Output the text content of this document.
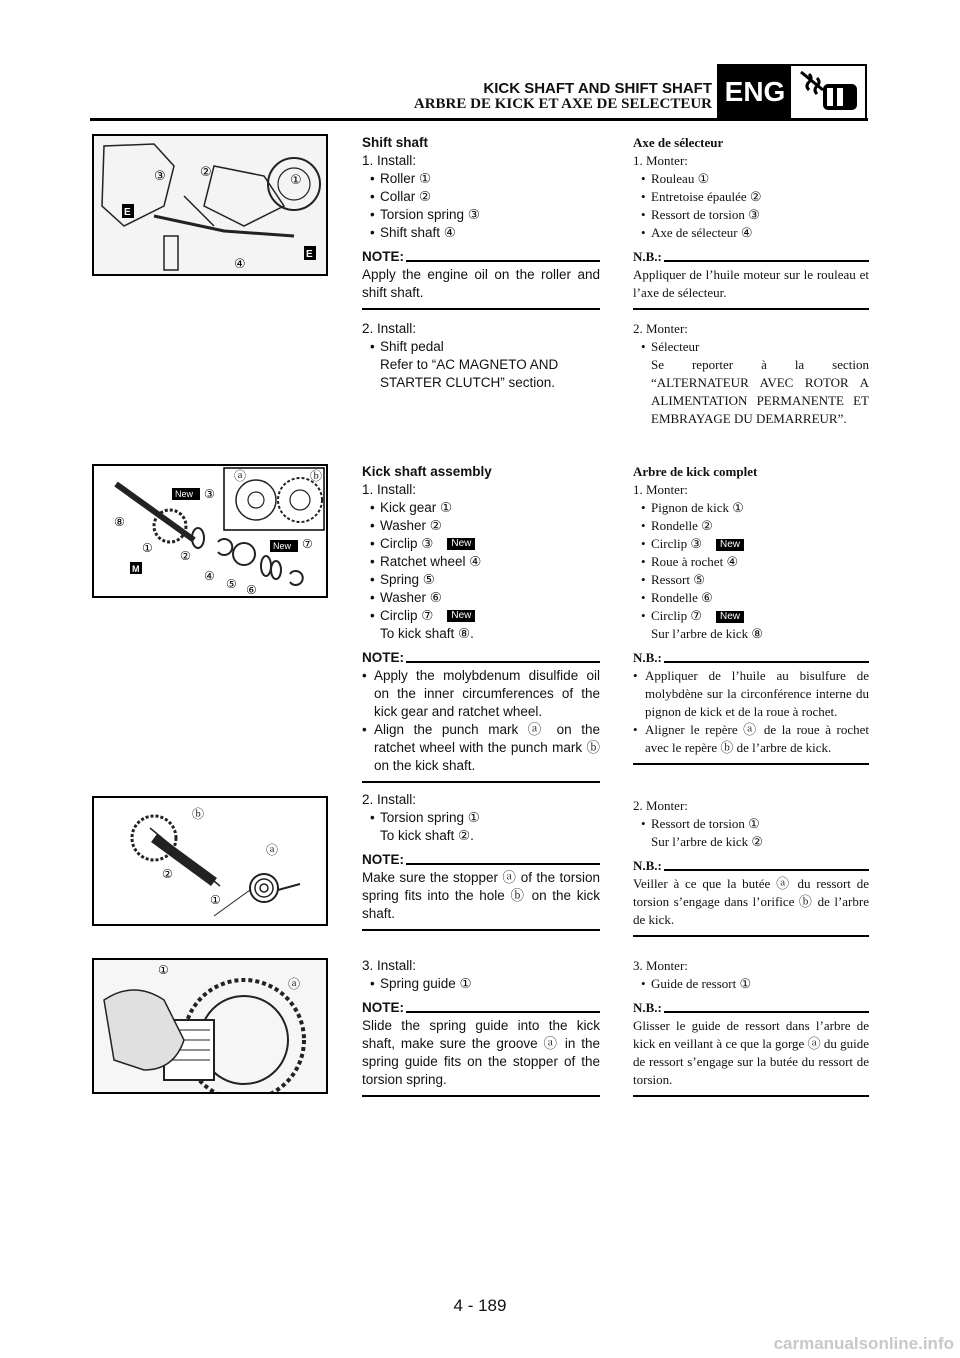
KICK SHAFT AND SHIFT SHAFT
ARBRE DE KICK ET AXE DE SELECTEUR ENG
③	②
①
④
E
E
Shift shaft
1. Install:
• Roller ①
• Collar ②
• Torsion spring ③
• Shift shaft ④
NOTE:
Apply the engine oil on the roller and shift shaft.
2. Install:
• Shift pedal
Refer to “AC MAGNETO AND STARTER CLUTCH” section.
Axe de sélecteur
1. Monter:
• Rouleau ①
• Entretoise épaulée ②
• Ressort de torsion ③
• Axe de sélecteur ④
N.B.:
Appliquer de l’huile moteur sur le rouleau et l’axe de sélecteur.
2. Monter:
• Sélecteur
Se reporter à la section “ALTERNATEUR AVEC ROTOR A ALIMENTATION PERMANENTE ET EMBRAYAGE DU DEMARREUR”.
M
New
New
⑧
③
①
②
④
⑤ ⑥
⑦
ⓐ	ⓑ	Kick shaft assembly
1. Install:
• Kick gear ①
• Washer ②
• Circlip ③ New
• Ratchet wheel ④
• Spring ⑤
• Washer ⑥
• Circlip ⑦ New
To kick shaft ⑧.
NOTE:
• Apply the molybdenum disulfide oil on the inner circumferences of the kick gear and ratchet wheel.
• Align the punch mark ⓐ on the ratchet wheel with the punch mark ⓑ on the kick shaft.
Arbre de kick complet
1. Monter:
• Pignon de kick ①
• Rondelle ②
• Circlip ③ New
• Roue à rochet ④
• Ressort ⑤
• Rondelle ⑥
• Circlip ⑦ New
Sur l’arbre de kick ⑧
N.B.:
• Appliquer de l’huile au bisulfure de molybdène sur la circonférence interne du pignon de kick et de la roue à rochet.
• Aligner le repère ⓐ de la roue à rochet avec le repère ⓑ de l’arbre de kick.
ⓑ
ⓐ
②
①
2. Install:
• Torsion spring ①
To kick shaft ②.
NOTE:
Make sure the stopper ⓐ of the torsion spring fits into the hole ⓑ on the kick shaft.
2. Monter:
• Ressort de torsion ①
Sur l’arbre de kick ②
N.B.:
Veiller à ce que la butée ⓐ du ressort de torsion s’engage dans l’orifice ⓑ de l’arbre de kick.
①
ⓐ
3. Install:
• Spring guide ①
NOTE:
Slide the spring guide into the kick shaft, make sure the groove ⓐ in the spring guide fits on the stopper of the torsion spring.
3. Monter:
• Guide de ressort ①
N.B.:
Glisser le guide de ressort dans l’arbre de kick en veillant à ce que la gorge ⓐ du guide de ressort s’engage sur la butée du ressort de torsion.
4 - 189
carmanualsonline.info
